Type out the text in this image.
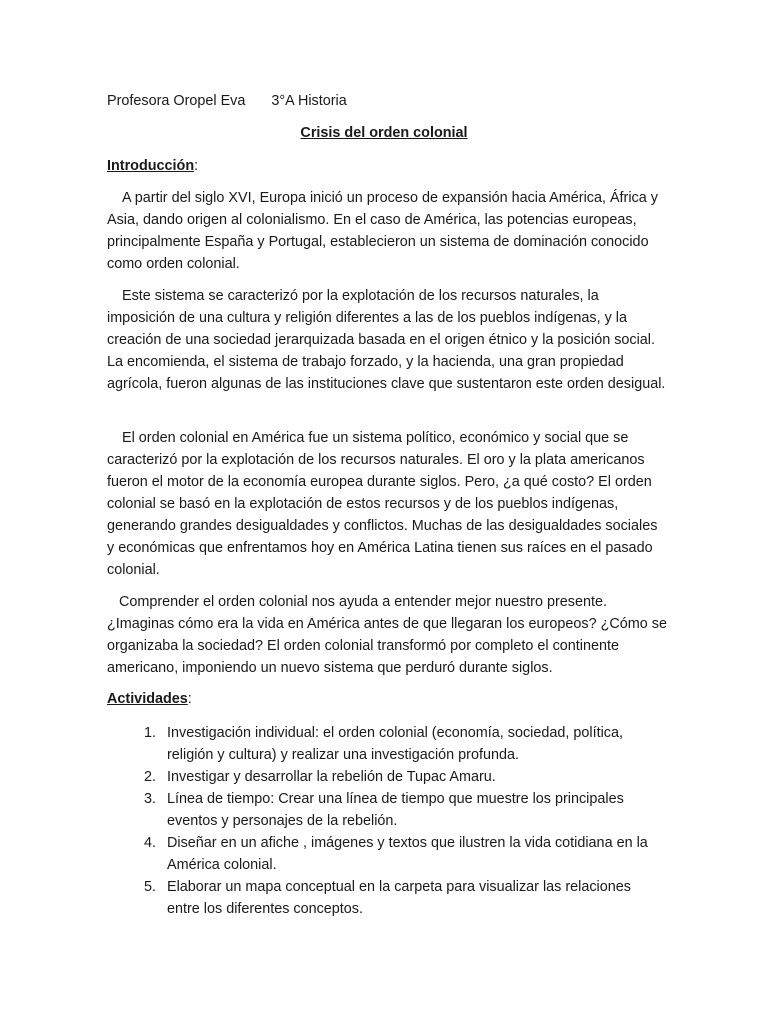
Profesora Oropel Eva 3°A Historia
Crisis del orden colonial
Introducción:

A partir del siglo XVI, Europa inició un proceso de expansión hacia América, África y Asia, dando origen al colonialismo. En el caso de América, las potencias europeas, principalmente España y Portugal, establecieron un sistema de dominación conocido como orden colonial.

Este sistema se caracterizó por la explotación de los recursos naturales, la imposición de una cultura y religión diferentes a las de los pueblos indígenas, y la creación de una sociedad jerarquizada basada en el origen étnico y la posición social. La encomienda, el sistema de trabajo forzado, y la hacienda, una gran propiedad agrícola, fueron algunas de las instituciones clave que sustentaron este orden desigual.

El orden colonial en América fue un sistema político, económico y social que se caracterizó por la explotación de los recursos naturales. El oro y la plata americanos fueron el motor de la economía europea durante siglos. Pero, ¿a qué costo? El orden colonial se basó en la explotación de estos recursos y de los pueblos indígenas, generando grandes desigualdades y conflictos. Muchas de las desigualdades sociales y económicas que enfrentamos hoy en América Latina tienen sus raíces en el pasado colonial.

Comprender el orden colonial nos ayuda a entender mejor nuestro presente. ¿Imaginas cómo era la vida en América antes de que llegaran los europeos? ¿Cómo se organizaba la sociedad? El orden colonial transformó por completo el continente americano, imponiendo un nuevo sistema que perduró durante siglos.

Actividades:
1. Investigación individual: el orden colonial (economía, sociedad, política, religión y cultura) y realizar una investigación profunda.
2. Investigar y desarrollar la rebelión de Tupac Amaru.
3. Línea de tiempo: Crear una línea de tiempo que muestre los principales eventos y personajes de la rebelión.
4. Diseñar en un afiche , imágenes y textos que ilustren la vida cotidiana en la América colonial.
5. Elaborar un mapa conceptual en la carpeta para visualizar las relaciones entre los diferentes conceptos.
